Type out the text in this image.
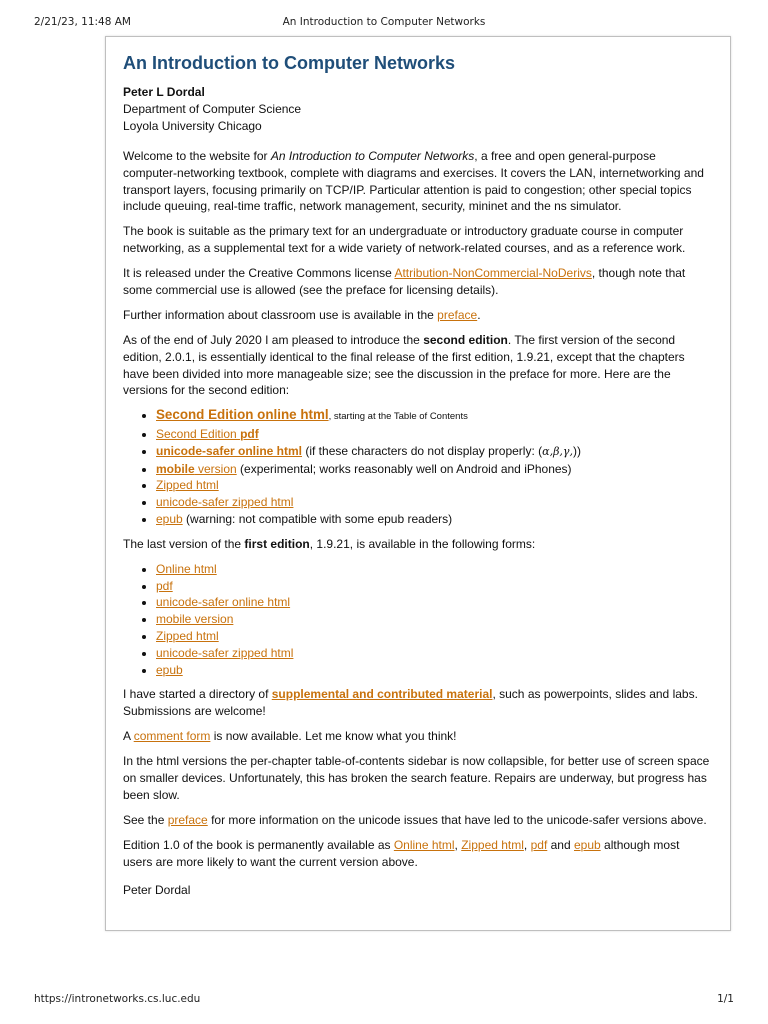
2/21/23, 11:48 AM	An Introduction to Computer Networks
An Introduction to Computer Networks
Peter L Dordal
Department of Computer Science
Loyola University Chicago

Welcome to the website for An Introduction to Computer Networks, a free and open general-purpose computer-networking textbook, complete with diagrams and exercises. It covers the LAN, internetworking and transport layers, focusing primarily on TCP/IP. Particular attention is paid to congestion; other special topics include queuing, real-time traffic, network management, security, mininet and the ns simulator.

The book is suitable as the primary text for an undergraduate or introductory graduate course in computer networking, as a supplemental text for a wide variety of network-related courses, and as a reference work.

It is released under the Creative Commons license Attribution-NonCommercial-NoDerivs, though note that some commercial use is allowed (see the preface for licensing details).

Further information about classroom use is available in the preface.

As of the end of July 2020 I am pleased to introduce the second edition. The first version of the second edition, 2.0.1, is essentially identical to the final release of the first edition, 1.9.21, except that the chapters have been divided into more manageable size; see the discussion in the preface for more. Here are the versions for the second edition:

• Second Edition online html, starting at the Table of Contents
• Second Edition pdf
• unicode-safer online html (if these characters do not display properly: (α,β,γ,))
• mobile version (experimental; works reasonably well on Android and iPhones)
• Zipped html
• unicode-safer zipped html
• epub (warning: not compatible with some epub readers)

The last version of the first edition, 1.9.21, is available in the following forms:

• Online html
• pdf
• unicode-safer online html
• mobile version
• Zipped html
• unicode-safer zipped html
• epub

I have started a directory of supplemental and contributed material, such as powerpoints, slides and labs. Submissions are welcome!

A comment form is now available. Let me know what you think!

In the html versions the per-chapter table-of-contents sidebar is now collapsible, for better use of screen space on smaller devices. Unfortunately, this has broken the search feature. Repairs are underway, but progress has been slow.

See the preface for more information on the unicode issues that have led to the unicode-safer versions above.

Edition 1.0 of the book is permanently available as Online html, Zipped html, pdf and epub although most users are more likely to want the current version above.

Peter Dordal

https://intronetworks.cs.luc.edu	1/1
